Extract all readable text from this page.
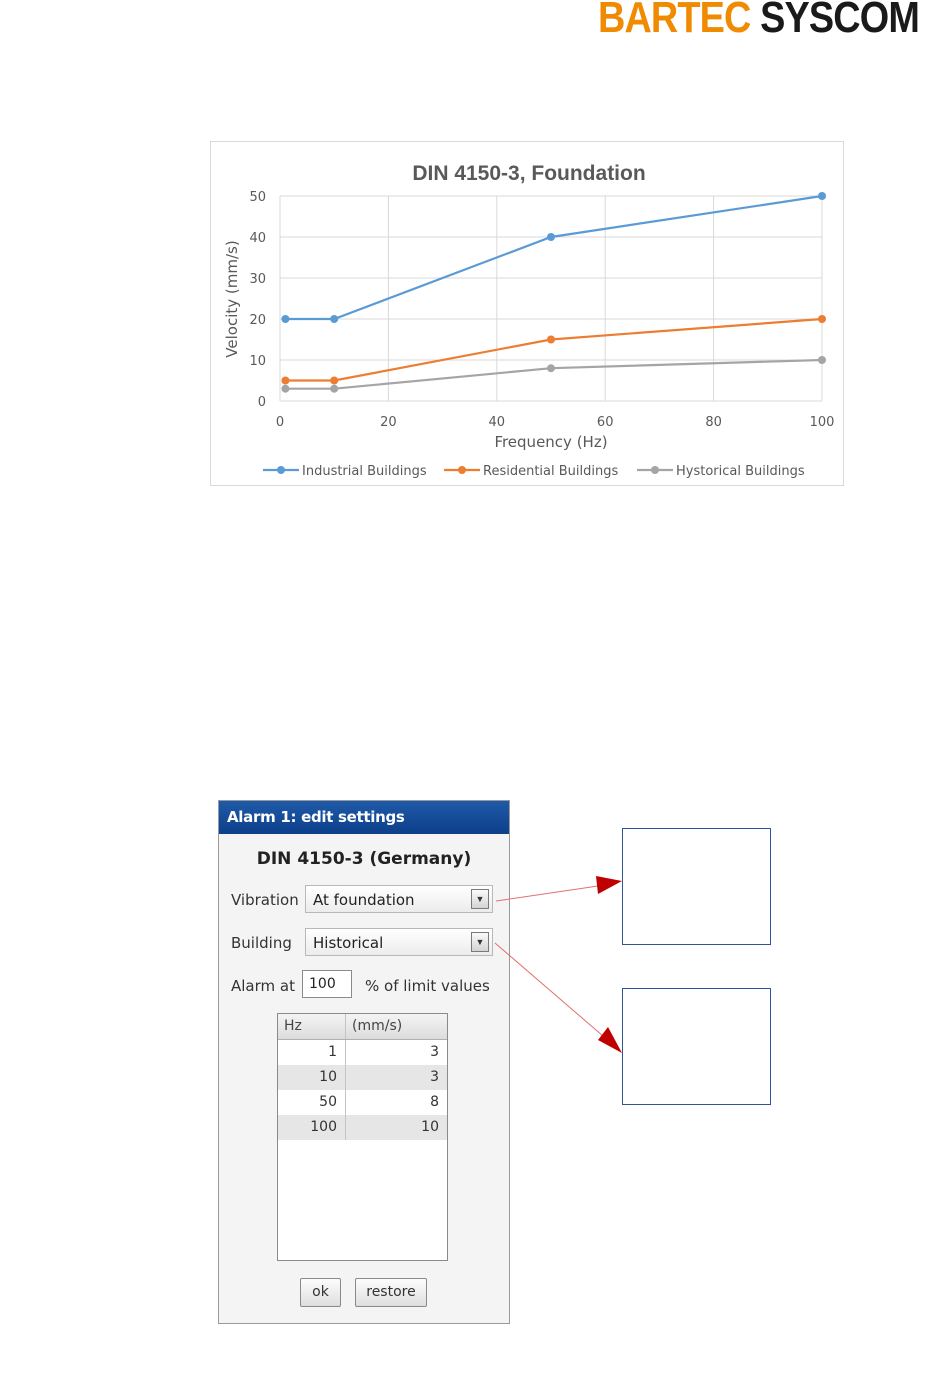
BARTEC SYSCOM
DIN 4150-3, Foundation
Frequency (Hz)
Velocity (mm/s)
0
10
20
30
40
50
0	20	40	60	80	100
Industrial Buildings	Residential Buildings	Hystorical Buildings
Alarm 1: edit settings
DIN 4150-3 (Germany)
Vibration At foundation	▼
Building Historical	▼
Alarm at	100	% of limit values
Hz	(mm/s)
1	3
10	3
50	8
100	10
ok	restore
